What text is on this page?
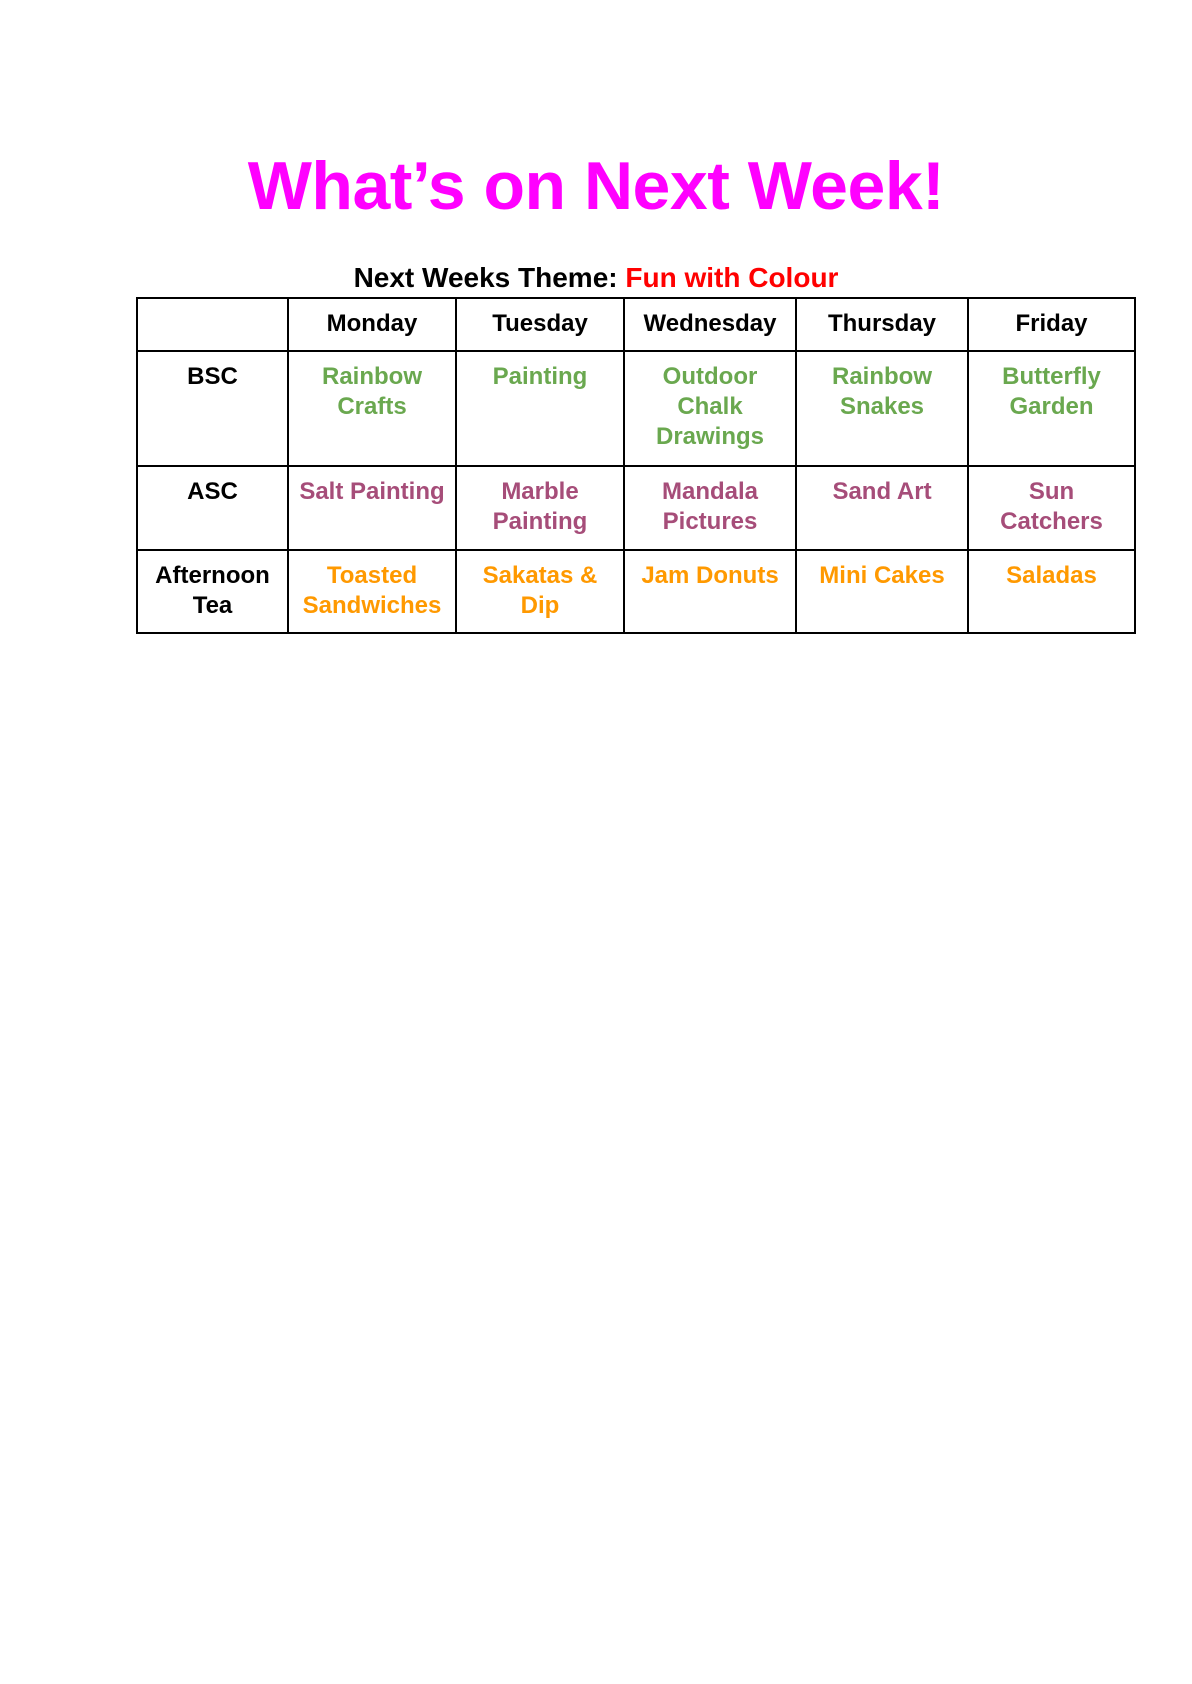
What’s on Next Week!
Next Weeks Theme: Fun with Colour
	Monday	Tuesday	Wednesday	Thursday	Friday
BSC	Rainbow Crafts	Painting	Outdoor Chalk Drawings	Rainbow Snakes	Butterfly Garden
ASC	Salt Painting	Marble Painting	Mandala Pictures	Sand Art	Sun Catchers
Afternoon Tea	Toasted Sandwiches	Sakatas & Dip	Jam Donuts	Mini Cakes	Saladas
